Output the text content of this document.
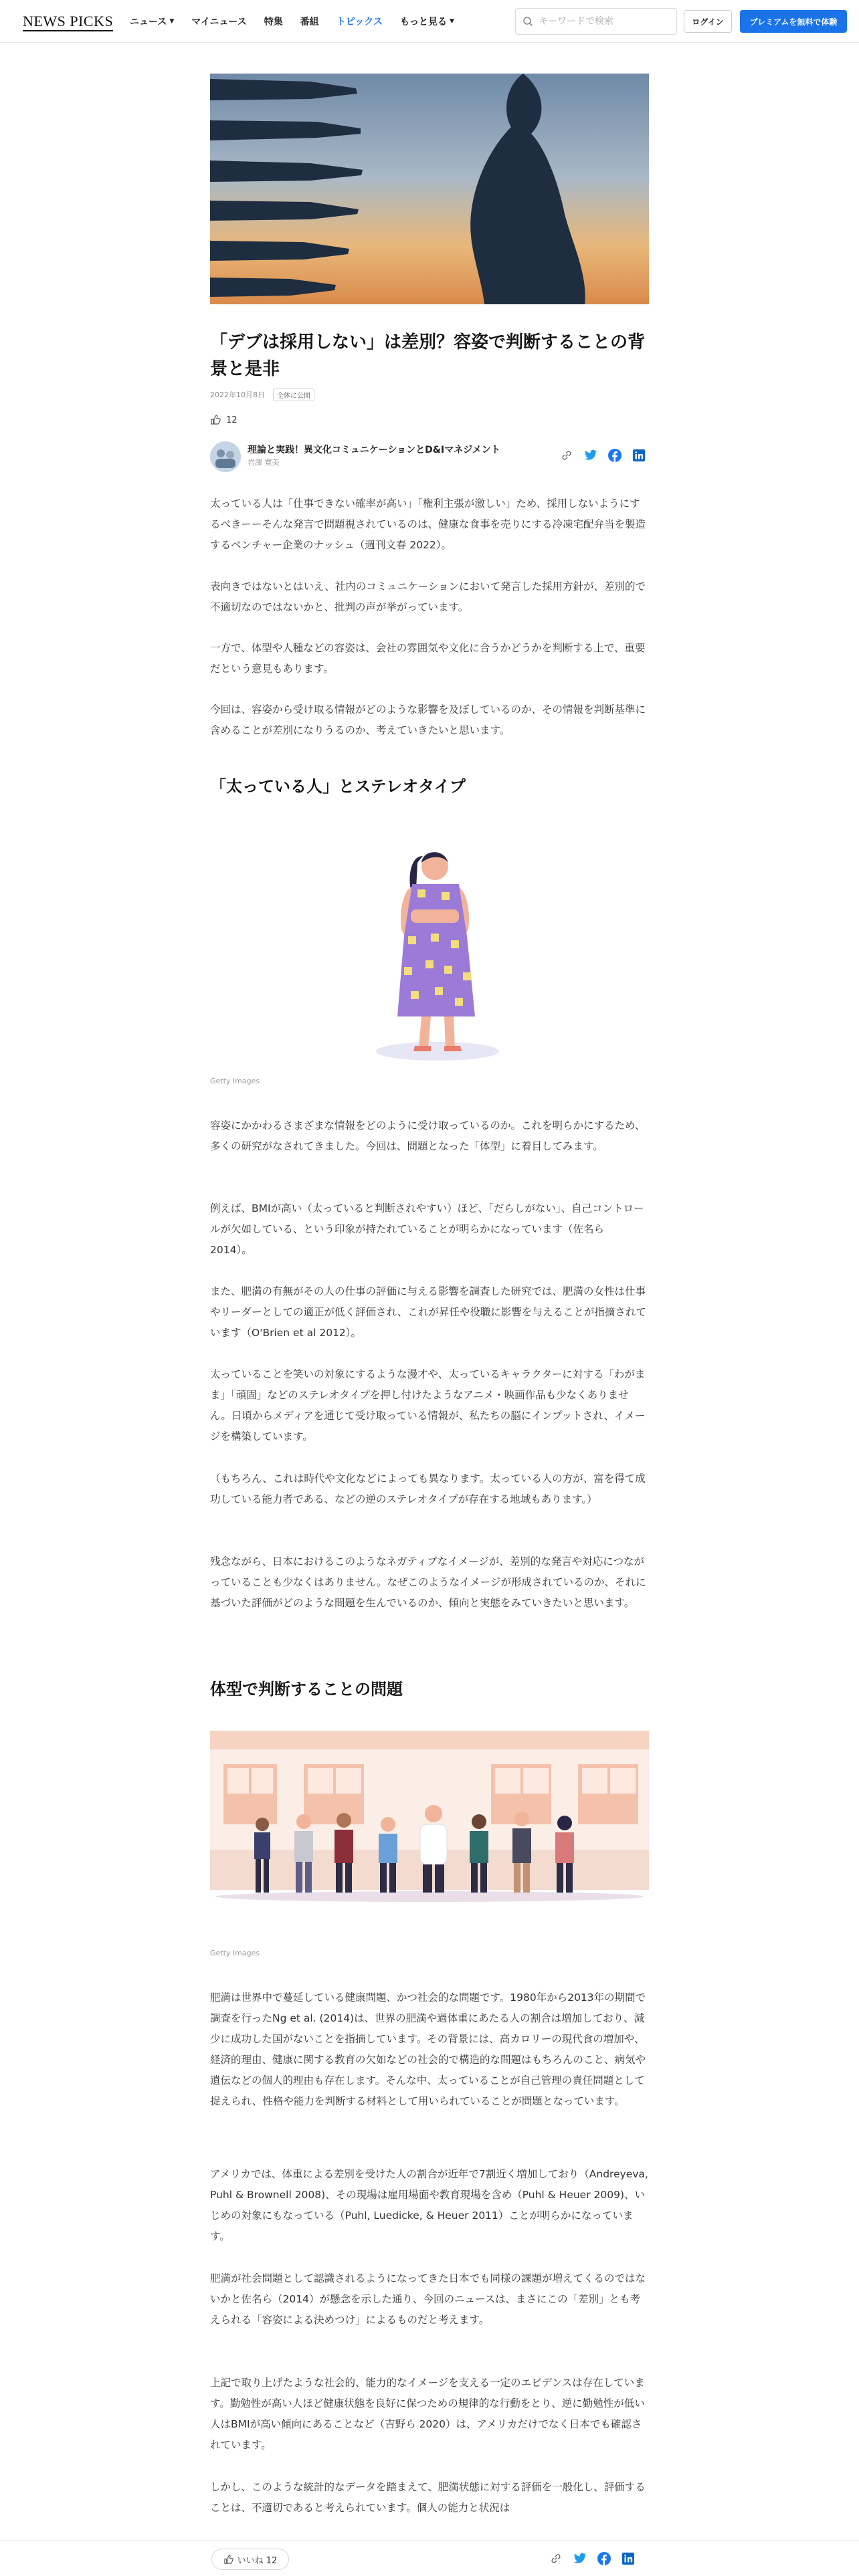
NEWS PICKS ニュース ▼ マイニュース 特集 番組 トピックス もっと見る ▼
キーワードで検索	ログイン	プレミアムを無料で体験
「デブは採用しない」は差別？容姿で判断することの背景と是非
2022年10月8日	全体に公開
12
理論と実践！異文化コミュニケーションとD&Iマネジメント
岩澤 寛美
太っている人は「仕事できない確率が高い」「権利主張が激しい」ため、採用しないようにするべきーーそんな発言で問題視されているのは、健康な食事を売りにする冷凍宅配弁当を製造するベンチャー企業のナッシュ（週刊文春 2022）。
表向きではないとはいえ、社内のコミュニケーションにおいて発言した採用方針が、差別的で不適切なのではないかと、批判の声が挙がっています。
一方で、体型や人種などの容姿は、会社の雰囲気や文化に合うかどうかを判断する上で、重要だという意見もあります。
今回は、容姿から受け取る情報がどのような影響を及ぼしているのか、その情報を判断基準に含めることが差別になりうるのか、考えていきたいと思います。
「太っている人」とステレオタイプ
Getty Images
容姿にかかわるさまざまな情報をどのように受け取っているのか。これを明らかにするため、多くの研究がなされてきました。今回は、問題となった「体型」に着目してみます。
例えば、BMIが高い（太っていると判断されやすい）ほど、「だらしがない」、自己コントロールが欠如している、という印象が持たれていることが明らかになっています（佐名ら 2014）。
また、肥満の有無がその人の仕事の評価に与える影響を調査した研究では、肥満の女性は仕事やリーダーとしての適正が低く評価され、これが昇任や役職に影響を与えることが指摘されています（O'Brien et al 2012）。
太っていることを笑いの対象にするような漫才や、太っているキャラクターに対する「わがまま」「頑固」などのステレオタイプを押し付けたようなアニメ・映画作品も少なくありません。日頃からメディアを通じて受け取っている情報が、私たちの脳にインプットされ、イメージを構築しています。
（もちろん、これは時代や文化などによっても異なります。太っている人の方が、富を得て成功している能力者である、などの逆のステレオタイプが存在する地域もあります。）
残念ながら、日本におけるこのようなネガティブなイメージが、差別的な発言や対応につながっていることも少なくはありません。なぜこのようなイメージが形成されているのか、それに基づいた評価がどのような問題を生んでいるのか、傾向と実態をみていきたいと思います。
体型で判断することの問題
Getty Images
肥満は世界中で蔓延している健康問題、かつ社会的な問題です。1980年から2013年の期間で調査を行ったNg et al. (2014)は、世界の肥満や過体重にあたる人の割合は増加しており、減少に成功した国がないことを指摘しています。その背景には、高カロリーの現代食の増加や、経済的理由、健康に関する教育の欠如などの社会的で構造的な問題はもちろんのこと、病気や遺伝などの個人的理由も存在します。そんな中、太っていることが自己管理の責任問題として捉えられ、性格や能力を判断する材料として用いられていることが問題となっています。
アメリカでは、体重による差別を受けた人の割合が近年で7割近く増加しており（Andreyeva, Puhl & Brownell 2008)、その現場は雇用場面や教育現場を含め（Puhl & Heuer 2009)、いじめの対象にもなっている（Puhl, Luedicke, & Heuer 2011）ことが明らかになっています。
肥満が社会問題として認識されるようになってきた日本でも同様の課題が増えてくるのではないかと佐名ら（2014）が懸念を示した通り、今回のニュースは、まさにこの「差別」とも考えられる「容姿による決めつけ」によるものだと考えます。
上記で取り上げたような社会的、能力的なイメージを支える一定のエビデンスは存在しています。勤勉性が高い人ほど健康状態を良好に保つための規律的な行動をとり、逆に勤勉性が低い人はBMIが高い傾向にあることなど（吉野ら 2020）は、アメリカだけでなく日本でも確認されています。
しかし、このような統計的なデータを踏まえて、肥満状態に対する評価を一般化し、評価することは、不適切であると考えられています。個人の能力と状況は
いいね 12
